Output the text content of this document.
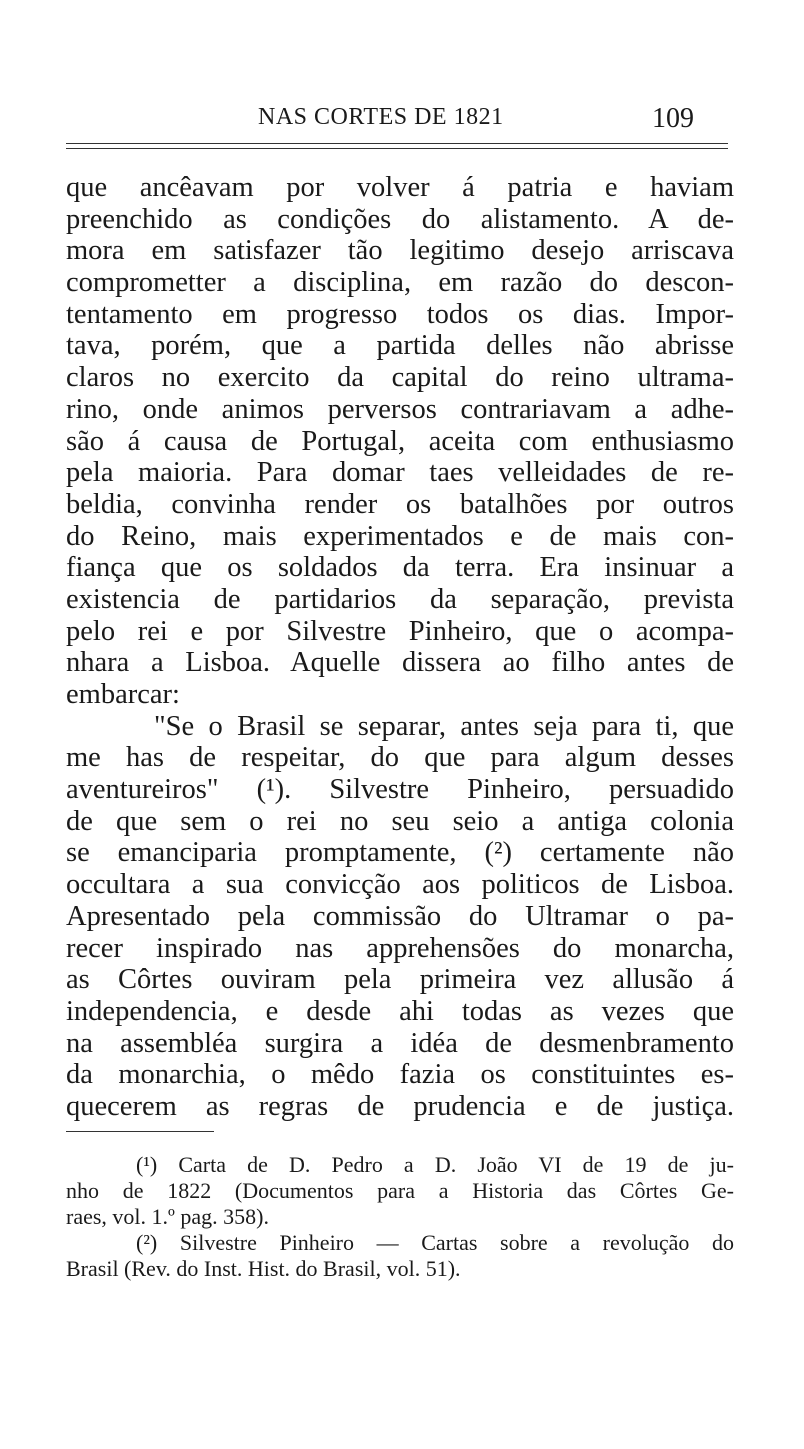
NAS CORTES DE 1821	109
que ancêavam por volver á patria e haviam
preenchido as condições do alistamento. A de-
mora em satisfazer tão legitimo desejo arriscava
comprometter a disciplina, em razão do descon-
tentamento em progresso todos os dias. Impor-
tava, porém, que a partida delles não abrisse
claros no exercito da capital do reino ultrama-
rino, onde animos perversos contrariavam a adhe-
são á causa de Portugal, aceita com enthusiasmo
pela maioria. Para domar taes velleidades de re-
beldia, convinha render os batalhões por outros
do Reino, mais experimentados e de mais con-
fiança que os soldados da terra. Era insinuar a
existencia de partidarios da separação, prevista
pelo rei e por Silvestre Pinheiro, que o acompa-
nhara a Lisboa. Aquelle dissera ao filho antes de
embarcar:
"Se o Brasil se separar, antes seja para ti, que
me has de respeitar, do que para algum desses
aventureiros" (¹). Silvestre Pinheiro, persuadido
de que sem o rei no seu seio a antiga colonia
se emanciparia promptamente, (²) certamente não
occultara a sua convicção aos politicos de Lisboa.
Apresentado pela commissão do Ultramar o pa-
recer inspirado nas apprehensões do monarcha,
as Côrtes ouviram pela primeira vez allusão á
independencia, e desde ahi todas as vezes que
na assembléa surgira a idéa de desmenbramento
da monarchia, o mêdo fazia os constituintes es-
quecerem as regras de prudencia e de justiça.
(¹) Carta de D. Pedro a D. João VI de 19 de ju-
nho de 1822 (Documentos para a Historia das Côrtes Ge-
raes, vol. 1.º pag. 358).
(²) Silvestre Pinheiro — Cartas sobre a revolução do
Brasil (Rev. do Inst. Hist. do Brasil, vol. 51).
